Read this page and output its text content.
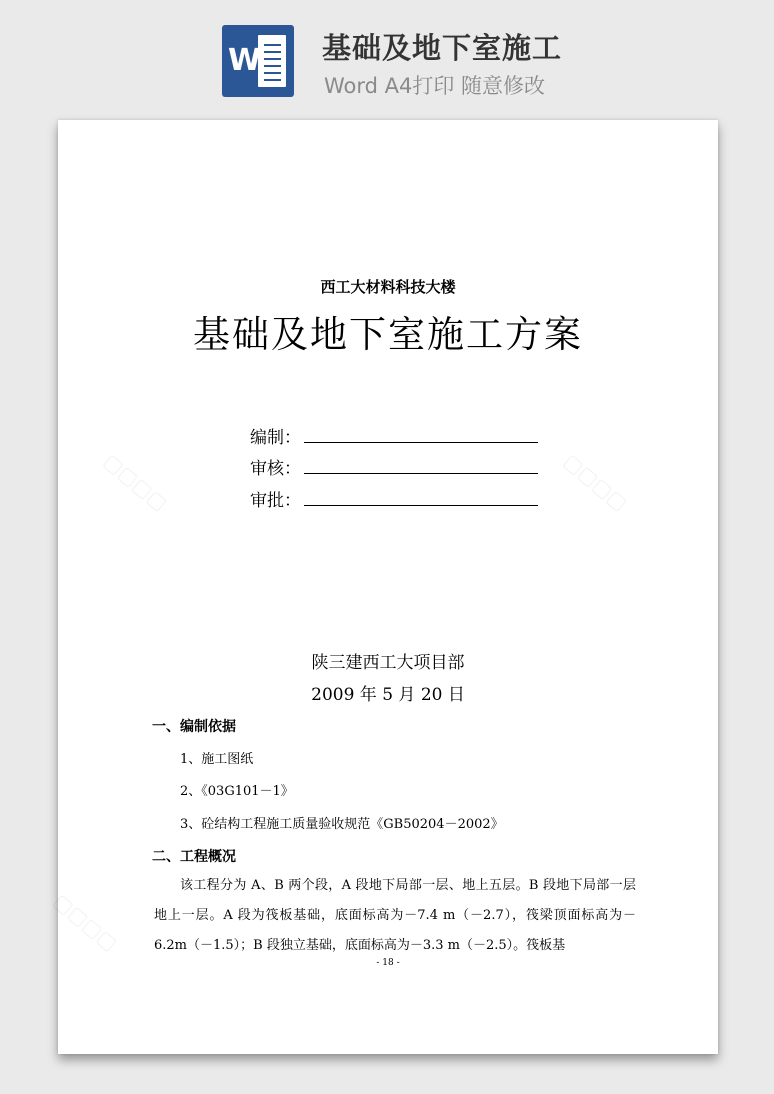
W 基础及地下室施工
Word A4打印 随意修改
▢▢▢▢	▢▢▢▢
▢▢▢▢
西工大材料科技大楼
基础及地下室施工方案
编制：
审核：
审批：
陕三建西工大项目部
2009 年 5 月 20 日
一、编制依据
1、施工图纸
2、《03G101－1》
3、砼结构工程施工质量验收规范《GB50204－2002》
二、工程概况
该工程分为 A、B 两个段，A 段地下局部一层、地上五层。B 段地下局部一层地上一层。A 段为筏板基础，底面标高为－7.4 m（－2.7），筏梁顶面标高为－6.2m（－1.5）；B 段独立基础，底面标高为－3.3 m（－2.5）。筏板基
- 18 -
